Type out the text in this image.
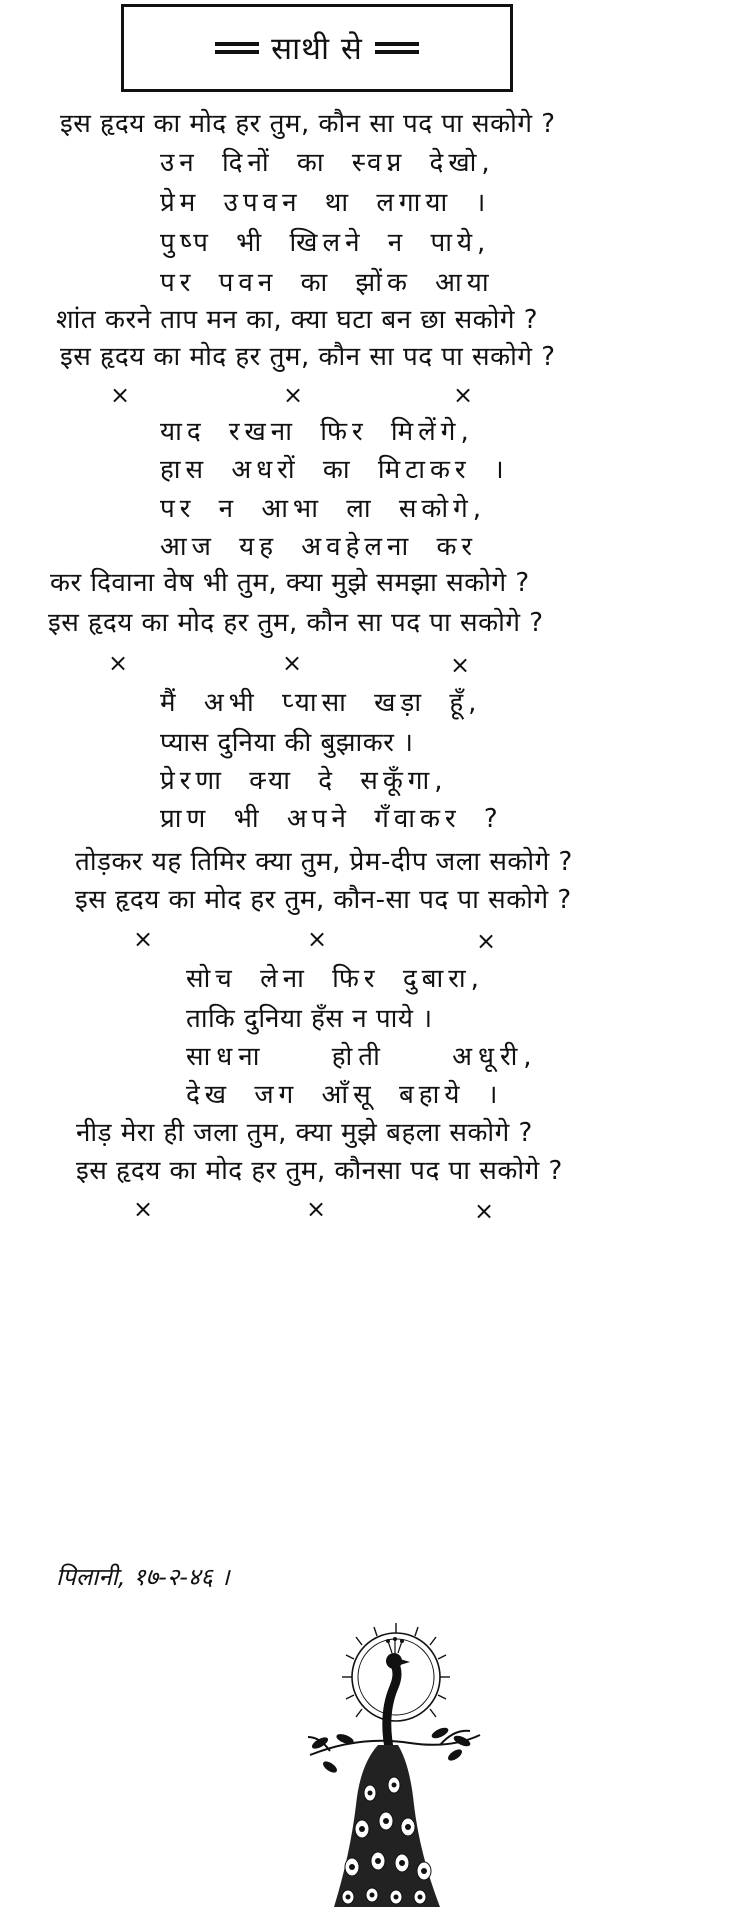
साथी से
इस हृदय का मोद हर तुम, कौन सा पद पा सकोगे ?
उन दिनों का स्वप्न देखो,
प्रेम उपवन था लगाया ।
पुष्प भी खिलने न पाये,
पर पवन का झोंक आया
शांत करने ताप मन का, क्या घटा बन छा सकोगे ?
इस हृदय का मोद हर तुम, कौन सा पद पा सकोगे ?
×	×	×
याद रखना फिर मिलेंगे,
हास अधरों का मिटाकर ।
पर न आभा ला सकोगे,
आज यह अवहेलना कर
कर दिवाना वेष भी तुम, क्या मुझे समझा सकोगे ?
इस हृदय का मोद हर तुम, कौन सा पद पा सकोगे ?
×	×	×
मैं अभी प्यासा खड़ा हूँ,
प्यास दुनिया की बुझाकर ।
प्रेरणा क्या दे सकूँगा,
प्राण भी अपने गँवाकर ?
तोड़कर यह तिमिर क्या तुम, प्रेम-दीप जला सकोगे ?
इस हृदय का मोद हर तुम, कौन-सा पद पा सकोगे ?
×	×	×
सोच लेना फिर दुबारा,
ताकि दुनिया हँस न पाये ।
साधना होती अधूरी,
देख जग आँसू बहाये ।
नीड़ मेरा ही जला तुम, क्या मुझे बहला सकोगे ?
इस हृदय का मोद हर तुम, कौनसा पद पा सकोगे ?
×	×	×
पिलानी, १७-२-४६ ।
